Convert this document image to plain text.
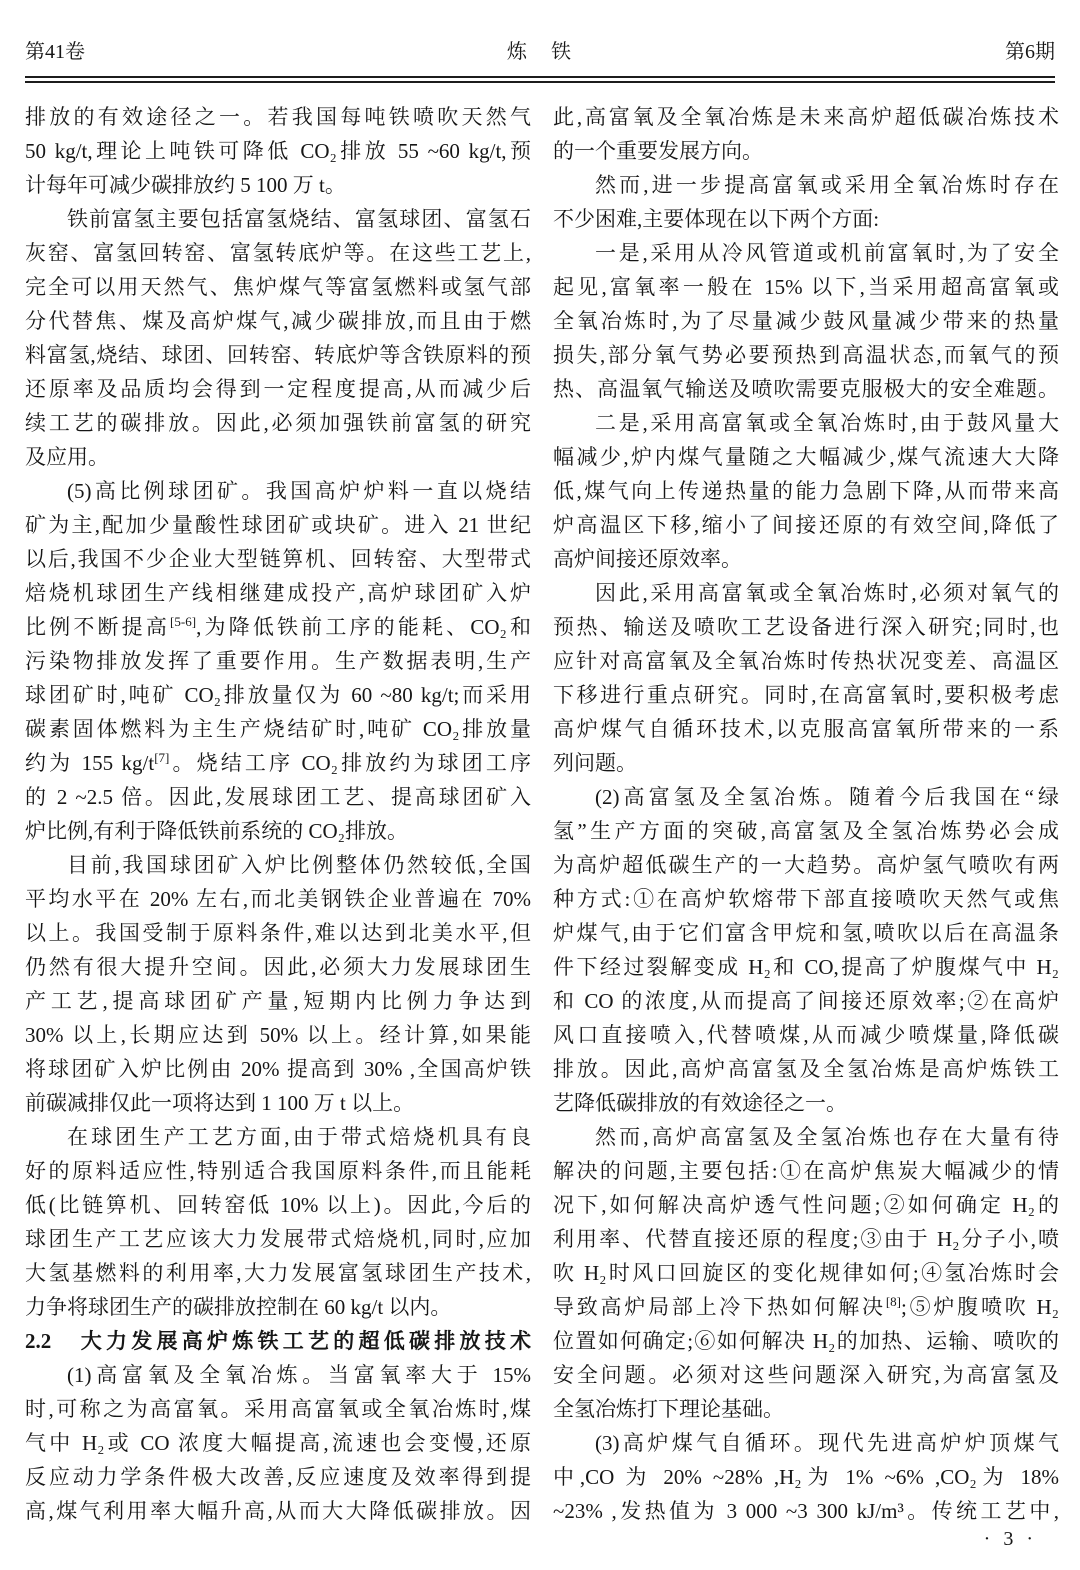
第41卷	炼　铁	第6期
排放的有效途径之一。若我国每吨铁喷吹天然气
50 kg/t,理论上吨铁可降低 CO₂排放 55 ~60 kg/t,预
计每年可减少碳排放约 5 100 万 t。
铁前富氢主要包括富氢烧结、富氢球团、富氢石
灰窑、富氢回转窑、富氢转底炉等。在这些工艺上,
完全可以用天然气、焦炉煤气等富氢燃料或氢气部
分代替焦、煤及高炉煤气,减少碳排放,而且由于燃
料富氢,烧结、球团、回转窑、转底炉等含铁原料的预
还原率及品质均会得到一定程度提高,从而减少后
续工艺的碳排放。因此,必须加强铁前富氢的研究
及应用。
(5)高比例球团矿。我国高炉炉料一直以烧结
矿为主,配加少量酸性球团矿或块矿。进入 21 世纪
以后,我国不少企业大型链箅机、回转窑、大型带式
焙烧机球团生产线相继建成投产,高炉球团矿入炉
比例不断提高[5-6],为降低铁前工序的能耗、CO₂和
污染物排放发挥了重要作用。生产数据表明,生产
球团矿时,吨矿 CO₂排放量仅为 60 ~80 kg/t;而采用
碳素固体燃料为主生产烧结矿时,吨矿 CO₂排放量
约为 155 kg/t[7]。烧结工序 CO₂排放约为球团工序
的 2 ~2.5 倍。因此,发展球团工艺、提高球团矿入
炉比例,有利于降低铁前系统的 CO₂排放。
目前,我国球团矿入炉比例整体仍然较低,全国
平均水平在 20% 左右,而北美钢铁企业普遍在 70%
以上。我国受制于原料条件,难以达到北美水平,但
仍然有很大提升空间。因此,必须大力发展球团生
产工艺,提高球团矿产量,短期内比例力争达到
30% 以上,长期应达到 50% 以上。经计算,如果能
将球团矿入炉比例由 20% 提高到 30% ,全国高炉铁
前碳减排仅此一项将达到 1 100 万 t 以上。
在球团生产工艺方面,由于带式焙烧机具有良
好的原料适应性,特别适合我国原料条件,而且能耗
低(比链箅机、回转窑低 10% 以上)。因此,今后的
球团生产工艺应该大力发展带式焙烧机,同时,应加
大氢基燃料的利用率,大力发展富氢球团生产技术,
力争将球团生产的碳排放控制在 60 kg/t 以内。
2.2　大力发展高炉炼铁工艺的超低碳排放技术
(1)高富氧及全氧冶炼。当富氧率大于 15%
时,可称之为高富氧。采用高富氧或全氧冶炼时,煤
气中 H₂或 CO 浓度大幅提高,流速也会变慢,还原
反应动力学条件极大改善,反应速度及效率得到提
高,煤气利用率大幅升高,从而大大降低碳排放。因
此,高富氧及全氧冶炼是未来高炉超低碳冶炼技术
的一个重要发展方向。
然而,进一步提高富氧或采用全氧冶炼时存在
不少困难,主要体现在以下两个方面:
一是,采用从冷风管道或机前富氧时,为了安全
起见,富氧率一般在 15% 以下,当采用超高富氧或
全氧冶炼时,为了尽量减少鼓风量减少带来的热量
损失,部分氧气势必要预热到高温状态,而氧气的预
热、高温氧气输送及喷吹需要克服极大的安全难题。
二是,采用高富氧或全氧冶炼时,由于鼓风量大
幅减少,炉内煤气量随之大幅减少,煤气流速大大降
低,煤气向上传递热量的能力急剧下降,从而带来高
炉高温区下移,缩小了间接还原的有效空间,降低了
高炉间接还原效率。
因此,采用高富氧或全氧冶炼时,必须对氧气的
预热、输送及喷吹工艺设备进行深入研究;同时,也
应针对高富氧及全氧冶炼时传热状况变差、高温区
下移进行重点研究。同时,在高富氧时,要积极考虑
高炉煤气自循环技术,以克服高富氧所带来的一系
列问题。
(2)高富氢及全氢冶炼。随着今后我国在“绿
氢”生产方面的突破,高富氢及全氢冶炼势必会成
为高炉超低碳生产的一大趋势。高炉氢气喷吹有两
种方式:①在高炉软熔带下部直接喷吹天然气或焦
炉煤气,由于它们富含甲烷和氢,喷吹以后在高温条
件下经过裂解变成 H₂和 CO,提高了炉腹煤气中 H₂
和 CO 的浓度,从而提高了间接还原效率;②在高炉
风口直接喷入,代替喷煤,从而减少喷煤量,降低碳
排放。因此,高炉高富氢及全氢冶炼是高炉炼铁工
艺降低碳排放的有效途径之一。
然而,高炉高富氢及全氢冶炼也存在大量有待
解决的问题,主要包括:①在高炉焦炭大幅减少的情
况下,如何解决高炉透气性问题;②如何确定 H₂的
利用率、代替直接还原的程度;③由于 H₂分子小,喷
吹 H₂时风口回旋区的变化规律如何;④氢冶炼时会
导致高炉局部上冷下热如何解决[8];⑤炉腹喷吹 H₂
位置如何确定;⑥如何解决 H₂的加热、运输、喷吹的
安全问题。必须对这些问题深入研究,为高富氢及
全氢冶炼打下理论基础。
(3)高炉煤气自循环。现代先进高炉炉顶煤气
中,CO 为 20% ~28% ,H₂为 1% ~6% ,CO₂为 18%
~23% ,发热值为 3 000 ~3 300 kJ/m³。传统工艺中,
· 3 ·
